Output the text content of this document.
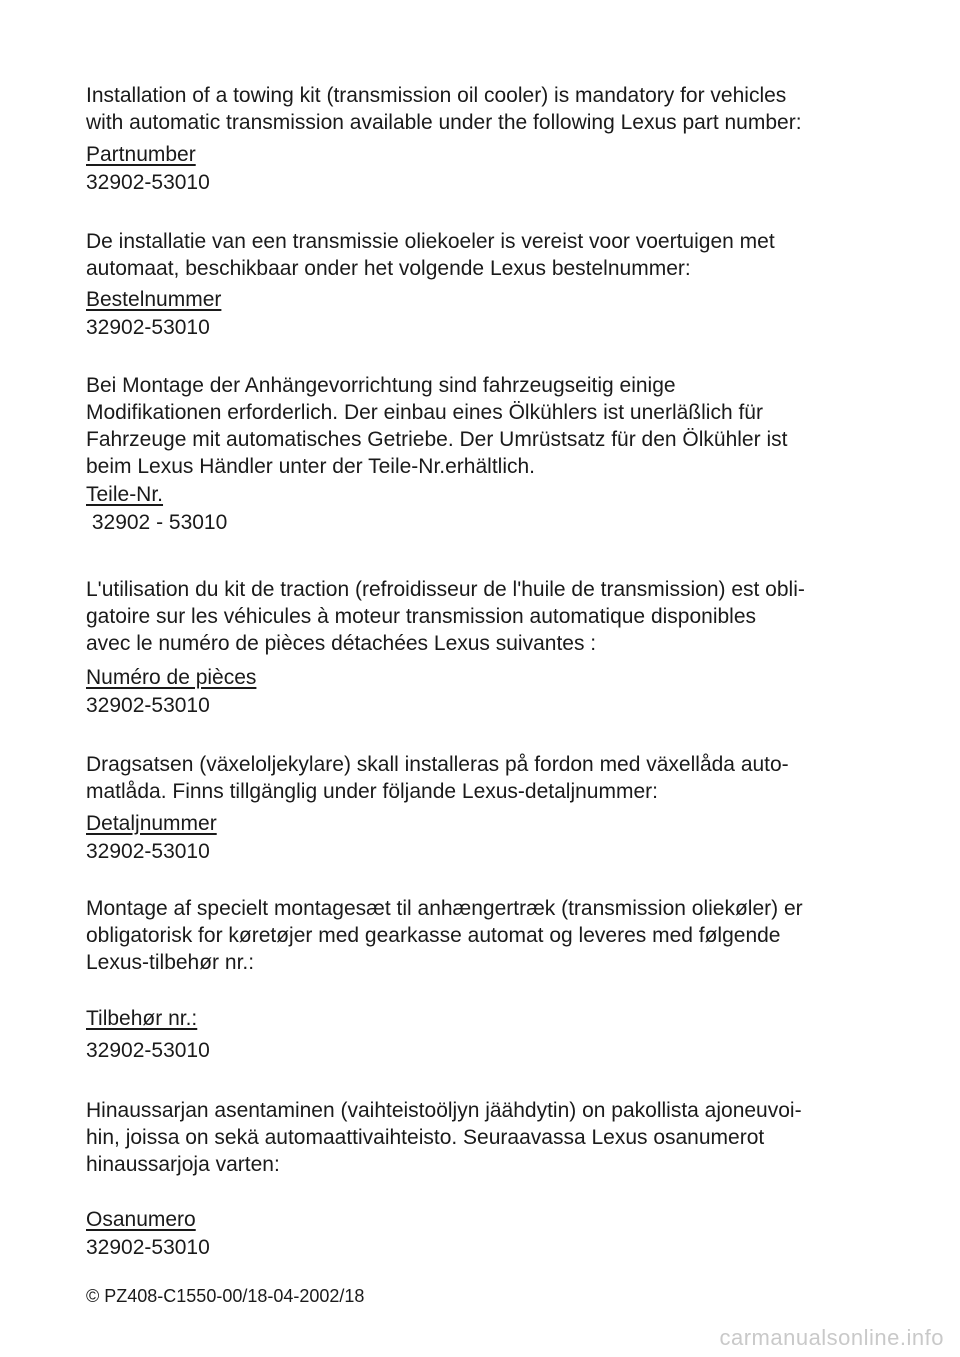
Installation of a towing kit (transmission oil cooler) is mandatory for vehicles
with automatic transmission available under the following Lexus part number:

Partnumber

32902-53010

De installatie van een transmissie oliekoeler is vereist voor voertuigen met
automaat, beschikbaar onder het volgende Lexus bestelnummer:

Bestelnummer

32902-53010

Bei Montage der Anhängevorrichtung sind fahrzeugseitig einige
Modifikationen erforderlich. Der einbau eines Ölkühlers ist unerläßlich für
Fahrzeuge mit automatisches Getriebe. Der Umrüstsatz für den Ölkühler ist
beim Lexus Händler unter der Teile-Nr.erhältlich.

Teile-Nr.

32902 - 53010

L'utilisation du kit de traction (refroidisseur de l'huile de transmission) est obli-
gatoire sur les véhicules à moteur transmission automatique disponibles
avec le numéro de pièces détachées Lexus suivantes :

Numéro de pièces

32902-53010

Dragsatsen (växeloljekylare) skall installeras på fordon med växellåda auto-
matlåda. Finns tillgänglig under följande Lexus-detaljnummer:

Detaljnummer

32902-53010

Montage af specielt montagesæt til anhængertræk (transmission oliekøler) er
obligatorisk for køretøjer med gearkasse automat og leveres med følgende
Lexus-tilbehør nr.:

Tilbehør nr.:

32902-53010

Hinaussarjan asentaminen (vaihteistoöljyn jäähdytin) on pakollista ajoneuvoi-
hin, joissa on sekä automaattivaihteisto. Seuraavassa Lexus osanumerot
hinaussarjoja varten:

Osanumero

32902-53010

© PZ408-C1550-00/18-04-2002/18

carmanualsonline.info
